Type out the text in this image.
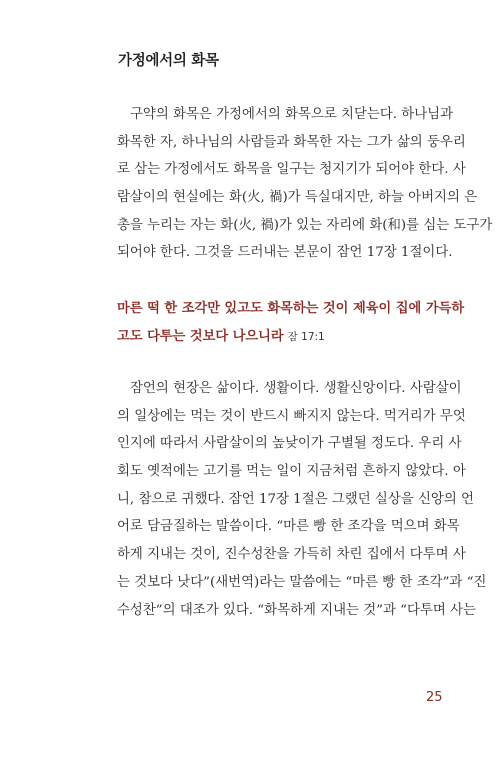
가정에서의 화목
구약의 화목은 가정에서의 화목으로 치닫는다. 하나님과
화목한 자, 하나님의 사람들과 화목한 자는 그가 삶의 둥우리
로 삼는 가정에서도 화목을 일구는 청지기가 되어야 한다. 사
람살이의 현실에는 화(火, 禍)가 득실대지만, 하늘 아버지의 은
총을 누리는 자는 화(火, 禍)가 있는 자리에 화(和)를 심는 도구가
되어야 한다. 그것을 드러내는 본문이 잠언 17장 1절이다.
마른 떡 한 조각만 있고도 화목하는 것이 제육이 집에 가득하
고도 다투는 것보다 나으니라 잠 17:1
잠언의 현장은 삶이다. 생활이다. 생활신앙이다. 사람살이
의 일상에는 먹는 것이 반드시 빠지지 않는다. 먹거리가 무엇
인지에 따라서 사람살이의 높낮이가 구별될 정도다. 우리 사
회도 옛적에는 고기를 먹는 일이 지금처럼 흔하지 않았다. 아
니, 참으로 귀했다. 잠언 17장 1절은 그랬던 실상을 신앙의 언
어로 담금질하는 말씀이다. “마른 빵 한 조각을 먹으며 화목
하게 지내는 것이, 진수성찬을 가득히 차린 집에서 다투며 사
는 것보다 낫다”(새번역)라는 말씀에는 “마른 빵 한 조각”과 “진
수성찬”의 대조가 있다. “화목하게 지내는 것”과 “다투며 사는
25
